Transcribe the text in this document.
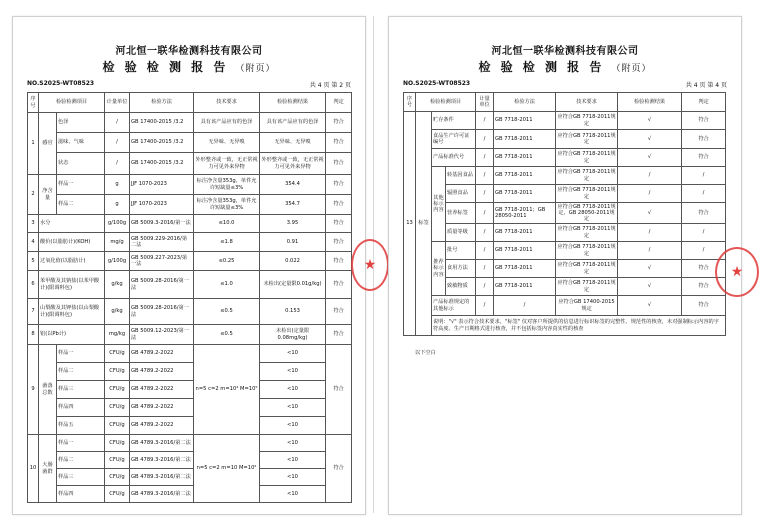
河北恒一联华检测科技有限公司
检 验 检 测 报 告 （附页）
NO.S2025-WT08523	共 4 页 第 2 页
序号	检验检测项目		计量单位	检验方法	技术要求	检验检测结果	判定
1	感官	色泽	/	GB 17400-2015 /3.2	具有该产品应有的色泽	具有该产品应有的色泽	符合
		滋味、气味	/	GB 17400-2015 /3.2	无异味、无异嗅	无异味、无异嗅	符合
		状态	/	GB 17400-2015 /3.2	外形整齐或一致，无正常视力可见外来异物	外形整齐或一致，无正常视力可见外来异物	符合
2	净含量	样品一	g	JJF 1070-2023	标注净含量353g，单件允许短缺量≤3%	354.4	符合
		样品二	g	JJF 1070-2023	标注净含量353g，单件允许短缺量≤3%	354.7	符合
3	水分		g/100g	GB 5009.3-2016/第一法	≤10.0	3.95	符合
4	酸价(以脂肪计)(KOH)		mg/g	GB 5009.229-2016/第二法	≤1.8	0.91	符合
5	过氧化值(以脂肪计)		g/100g	GB 5009.227-2023/第一法	≤0.25	0.022	符合
6	苯甲酸及其钠盐(以苯甲酸计)(限调料包)		g/kg	GB 5009.28-2016/第一法	≤1.0	未检出(定量限0.01g/kg)	符合
7	山梨酸及其钾盐(以山梨酸计)(限调料包)		g/kg	GB 5009.28-2016/第一法	≤0.5	0.153	符合
8	铝(以Pb计)		mg/kg	GB 5009.12-2023/第一法	≤0.5	未检出(定量限0.08mg/kg)	符合
9	菌落总数	样品一	CFU/g	GB 4789.2-2022	n=5 c=2 m=10⁴ M=10⁵	<10	符合
		样品二	CFU/g	GB 4789.2-2022		<10	
		样品三	CFU/g	GB 4789.2-2022		<10	
		样品四	CFU/g	GB 4789.2-2022		<10	
		样品五	CFU/g	GB 4789.2-2022		<10	
10	大肠菌群	样品一	CFU/g	GB 4789.3-2016/第二法	n=5 c=2 m=10 M=10²	<10	符合
		样品二	CFU/g	GB 4789.3-2016/第二法		<10	
		样品三	CFU/g	GB 4789.3-2016/第二法		<10	
		样品四	CFU/g	GB 4789.3-2016/第二法		<10	
★
河北恒一联华检测科技有限公司
检 验 检 测 报 告 （附页）
NO.S2025-WT08523	共 4 页 第 4 页
序号	检验检测项目			计量单位	检验方法	技术要求	检验检测结果	判定
13	标签	贮存条件		/	GB 7718-2011	应符合GB 7718-2011规定	√	符合
		食品生产许可证编号		/	GB 7718-2011	应符合GB 7718-2011规定	√	符合
		产品标准代号		/	GB 7718-2011	应符合GB 7718-2011规定	√	符合
		其他标示内容	转基因食品	/	GB 7718-2011	应符合GB 7718-2011规定	/	/
			辐照食品	/	GB 7718-2011	应符合GB 7718-2011规定	/	/
			营养标签	/	GB 7718-2011；GB 28050-2011	应符合GB 7718-2011规定，GB 28050-2011规定	√	符合
			质量等级	/	GB 7718-2011	应符合GB 7718-2011规定	/	/
		推荐标示内容	批号	/	GB 7718-2011	应符合GB 7718-2011规定	/	/
			食用方法	/	GB 7718-2011	应符合GB 7718-2011规定	√	符合
			致敏物质	/	GB 7718-2011	应符合GB 7718-2011规定	√	符合
		产品标准规定的其他标示		/	/	应符合GB 17400-2015规定	√	符合
		说明："√" 表示符合技术要求，"标签" 仅对客户所提供的信息进行标识标签的完整性、规范性的核查，未对强制标示内容的字符高度、生产日期格式进行核查，并不包括标签内容真实性的核查						
以下空白
★
